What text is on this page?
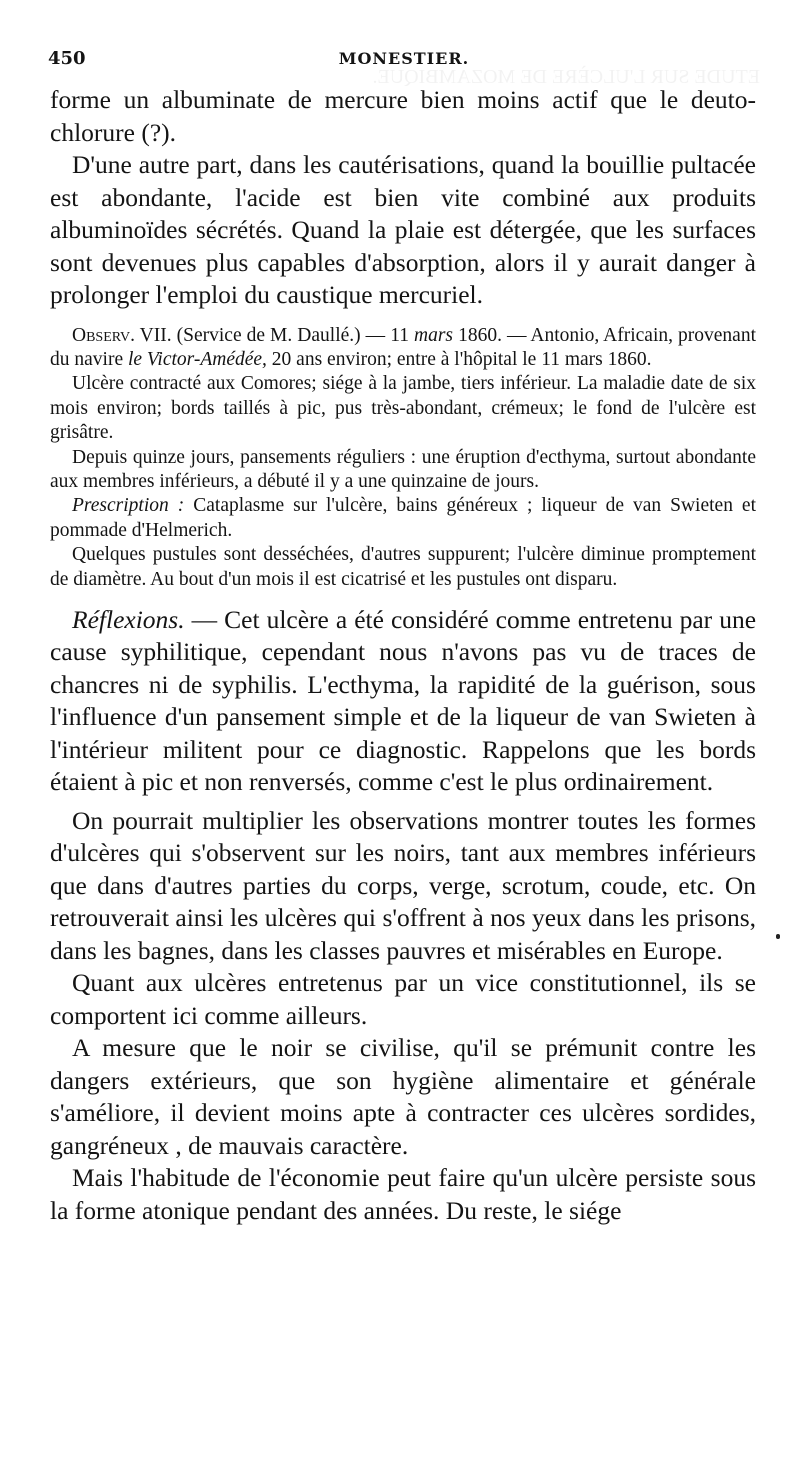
ETUDE SUR L'ULCÈRE DE MOZAMBIQUE.
450	MONESTIER.

forme un albuminate de mercure bien moins actif que le deuto-chlorure (?).

D'une autre part, dans les cautérisations, quand la bouillie pultacée est abondante, l'acide est bien vite combiné aux produits albuminoïdes sécrétés. Quand la plaie est détergée, que les surfaces sont devenues plus capables d'absorption, alors il y aurait danger à prolonger l'emploi du caustique mercuriel.

Observ. VII. (Service de M. Daullé.) — 11 mars 1860. — Antonio, Africain, provenant du navire le Victor-Amédée, 20 ans environ; entre à l'hôpital le 11 mars 1860.

Ulcère contracté aux Comores; siége à la jambe, tiers inférieur. La maladie date de six mois environ; bords taillés à pic, pus très-abondant, crémeux; le fond de l'ulcère est grisâtre.

Depuis quinze jours, pansements réguliers : une éruption d'ecthyma, surtout abondante aux membres inférieurs, a débuté il y a une quinzaine de jours.

Prescription : Cataplasme sur l'ulcère, bains généreux ; liqueur de van Swieten et pommade d'Helmerich.

Quelques pustules sont desséchées, d'autres suppurent; l'ulcère diminue promptement de diamètre. Au bout d'un mois il est cicatrisé et les pustules ont disparu.

Réflexions. — Cet ulcère a été considéré comme entretenu par une cause syphilitique, cependant nous n'avons pas vu de traces de chancres ni de syphilis. L'ecthyma, la rapidité de la guérison, sous l'influence d'un pansement simple et de la liqueur de van Swieten à l'intérieur militent pour ce diagnostic. Rappelons que les bords étaient à pic et non renversés, comme c'est le plus ordinairement.

On pourrait multiplier les observations montrer toutes les formes d'ulcères qui s'observent sur les noirs, tant aux membres inférieurs que dans d'autres parties du corps, verge, scrotum, coude, etc. On retrouverait ainsi les ulcères qui s'offrent à nos yeux dans les prisons, dans les bagnes, dans les classes pauvres et misérables en Europe.

Quant aux ulcères entretenus par un vice constitutionnel, ils se comportent ici comme ailleurs.

A mesure que le noir se civilise, qu'il se prémunit contre les dangers extérieurs, que son hygiène alimentaire et générale s'améliore, il devient moins apte à contracter ces ulcères sordides, gangréneux , de mauvais caractère.

Mais l'habitude de l'économie peut faire qu'un ulcère persiste sous la forme atonique pendant des années. Du reste, le siége
